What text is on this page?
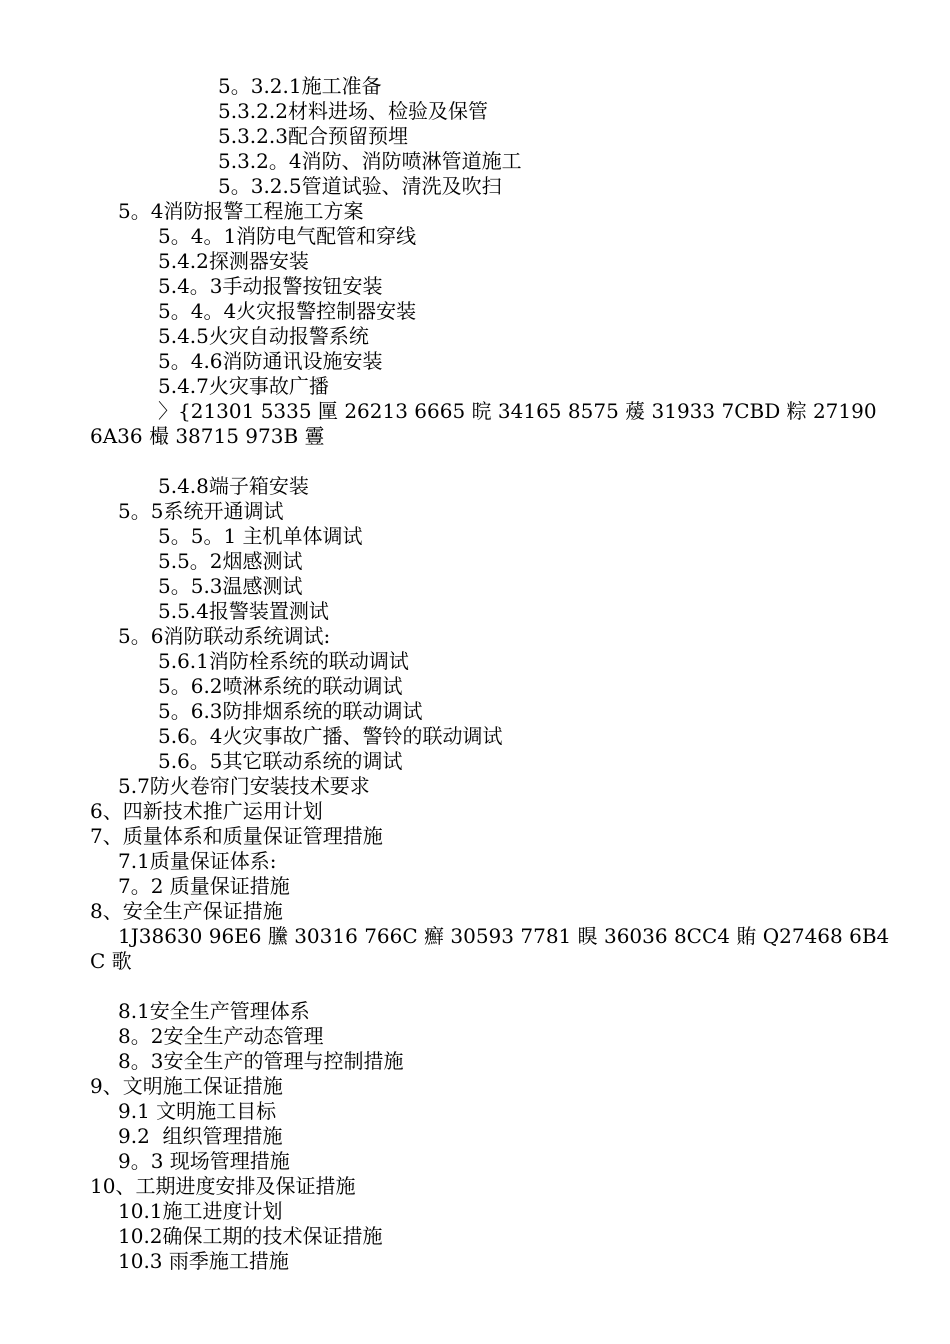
5。3.2.1施工准备
5.3.2.2材料进场、检验及保管
5.3.2.3配合预留预埋
5.3.2。4消防、消防喷淋管道施工
5。3.2.5管道试验、清洗及吹扫
5。4消防报警工程施工方案
5。4。1消防电气配管和穿线
5.4.2探测器安装
5.4。3手动报警按钮安装
5。4。4火灾报警控制器安装
5.4.5火灾自动报警系统
5。4.6消防通讯设施安装
5.4.7火灾事故广播
〉{21301 5335 匰 26213 6665 晥 34165 8575 蕿 31933 7CBD 粽 27190 6A36 樶 38715 973B 霻
5.4.8端子箱安装
5。5系统开通调试
5。5。1 主机单体调试
5.5。2烟感测试
5。5.3温感测试
5.5.4报警装置测试
5。6消防联动系统调试:
5.6.1消防栓系统的联动调试
5。6.2喷淋系统的联动调试
5。6.3防排烟系统的联动调试
5.6。4火灾事故广播、警铃的联动调试
5.6。5其它联动系统的调试
5.7防火卷帘门安装技术要求
6、四新技术推广运用计划
7、质量体系和质量保证管理措施
7.1质量保证体系:
7。2 质量保证措施
8、安全生产保证措施
1J38630 96E6 黱 30316 766C 癬 30593 7781 瞁 36036 8CC4 賄 Q27468 6B4C 歌
8.1安全生产管理体系
8。2安全生产动态管理
8。3安全生产的管理与控制措施
9、文明施工保证措施
9.1 文明施工目标
9.2  组织管理措施
9。3 现场管理措施
10、工期进度安排及保证措施
10.1施工进度计划
10.2确保工期的技术保证措施
10.3 雨季施工措施
